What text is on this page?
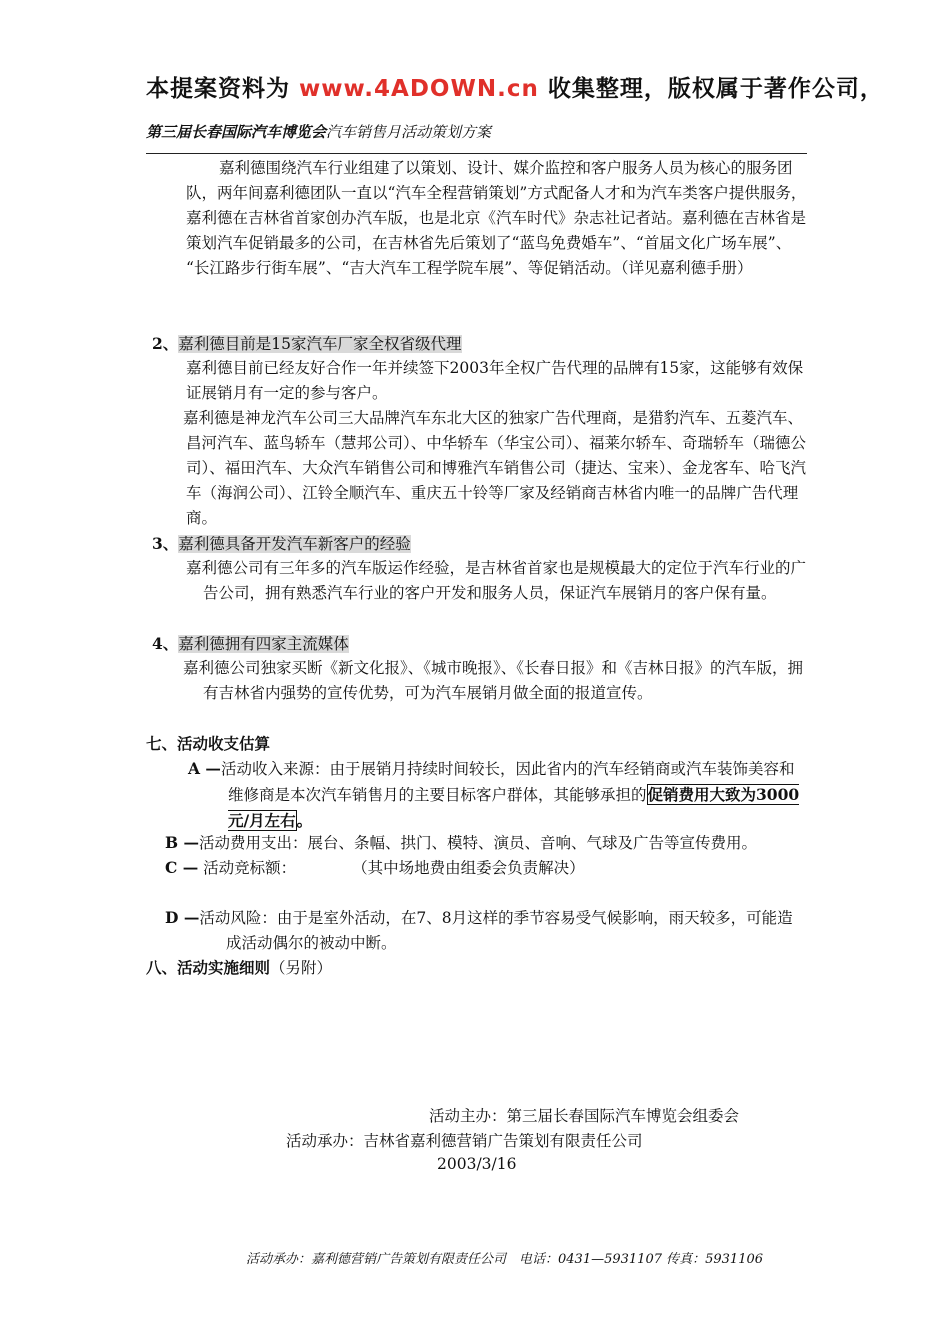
本提案资料为 www.4ADOWN.cn 收集整理，版权属于著作公司，
第三届长春国际汽车博览会汽车销售月活动策划方案
嘉利德围绕汽车行业组建了以策划、设计、媒介监控和客户服务人员为核心的服务团队，两年间嘉利德团队一直以“汽车全程营销策划”方式配备人才和为汽车类客户提供服务，嘉利德在吉林省首家创办汽车版，也是北京《汽车时代》杂志社记者站。嘉利德在吉林省是策划汽车促销最多的公司，在吉林省先后策划了“蓝鸟免费婚车”、“首届文化广场车展”、 “长江路步行街车展”、“吉大汽车工程学院车展”、等促销活动。（详见嘉利德手册）
2、嘉利德目前是15家汽车厂家全权省级代理
嘉利德目前已经友好合作一年并续签下2003年全权广告代理的品牌有15家，这能够有效保证展销月有一定的参与客户。
嘉利德是神龙汽车公司三大品牌汽车东北大区的独家广告代理商，是猎豹汽车、五菱汽车、昌河汽车、蓝鸟轿车（慧邦公司）、中华轿车（华宝公司）、福莱尔轿车、奇瑞轿车（瑞德公司）、福田汽车、大众汽车销售公司和博雅汽车销售公司（捷达、宝来）、金龙客车、哈飞汽车（海润公司）、江铃全顺汽车、重庆五十铃等厂家及经销商吉林省内唯一的品牌广告代理商。
3、嘉利德具备开发汽车新客户的经验
嘉利德公司有三年多的汽车版运作经验，是吉林省首家也是规模最大的定位于汽车行业的广告公司，拥有熟悉汽车行业的客户开发和服务人员，保证汽车展销月的客户保有量。
4、嘉利德拥有四家主流媒体
嘉利德公司独家买断《新文化报》、《城市晚报》、《长春日报》和《吉林日报》的汽车版，拥有吉林省内强势的宣传优势，可为汽车展销月做全面的报道宣传。
七、活动收支估算
A —活动收入来源：由于展销月持续时间较长，因此省内的汽车经销商或汽车装饰美容和维修商是本次汽车销售月的主要目标客户群体，其能够承担的促销费用大致为3000元/月左右。
B —活动费用支出：展台、条幅、拱门、模特、演员、音响、气球及广告等宣传费用。
C — 活动竞标额：	（其中场地费由组委会负责解决）
D —活动风险：由于是室外活动，在7、8月这样的季节容易受气候影响，雨天较多，可能造成活动偶尔的被动中断。
八、活动实施细则（另附）
活动主办：第三届长春国际汽车博览会组委会
活动承办：吉林省嘉利德营销广告策划有限责任公司
2003/3/16
活动承办：嘉利德营销广告策划有限责任公司　电话：0431—5931107 传真：5931106
